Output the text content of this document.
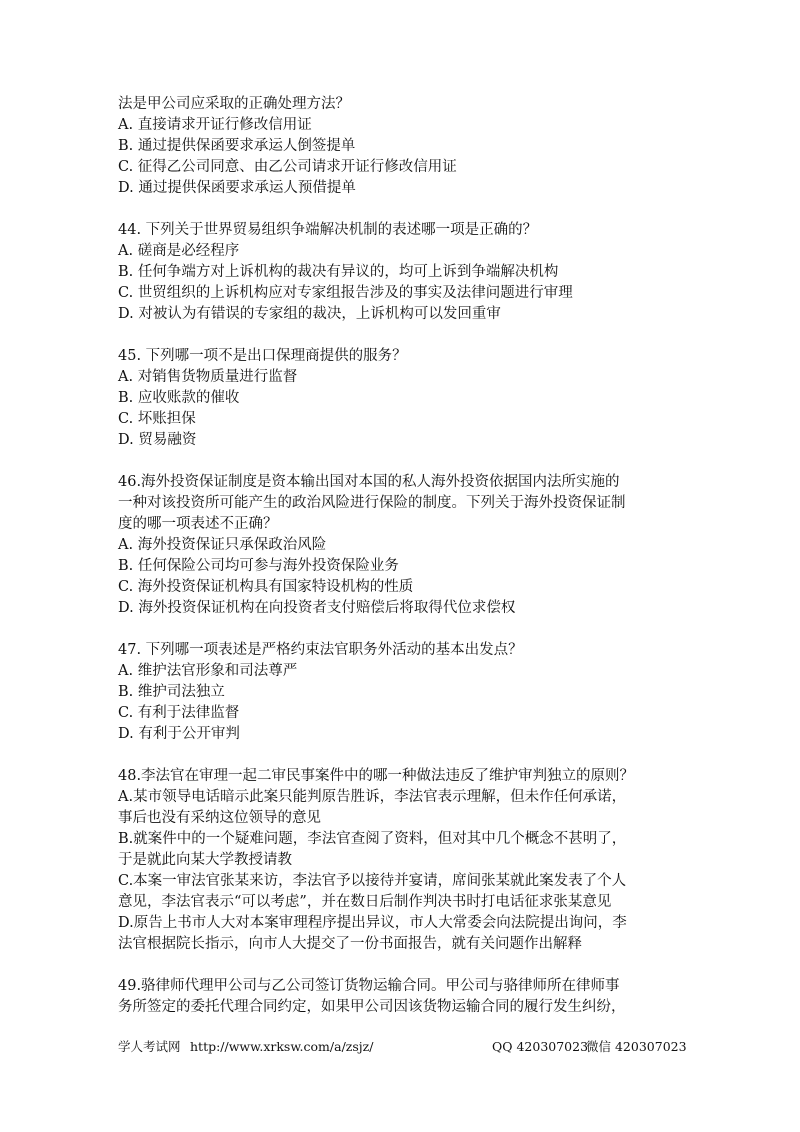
法是甲公司应采取的正确处理方法？

A. 直接请求开证行修改信用证

B. 通过提供保函要求承运人倒签提单

C. 征得乙公司同意、由乙公司请求开证行修改信用证

D. 通过提供保函要求承运人预借提单

44. 下列关于世界贸易组织争端解决机制的表述哪一项是正确的？

A. 磋商是必经程序

B. 任何争端方对上诉机构的裁决有异议的，均可上诉到争端解决机构

C. 世贸组织的上诉机构应对专家组报告涉及的事实及法律问题进行审理

D. 对被认为有错误的专家组的裁决，上诉机构可以发回重审

45. 下列哪一项不是出口保理商提供的服务？

A. 对销售货物质量进行监督

B. 应收账款的催收

C. 坏账担保

D. 贸易融资

46.海外投资保证制度是资本输出国对本国的私人海外投资依据国内法所实施的

一种对该投资所可能产生的政治风险进行保险的制度。下列关于海外投资保证制

度的哪一项表述不正确？

A. 海外投资保证只承保政治风险

B. 任何保险公司均可参与海外投资保险业务

C. 海外投资保证机构具有国家特设机构的性质

D. 海外投资保证机构在向投资者支付赔偿后将取得代位求偿权

47. 下列哪一项表述是严格约束法官职务外活动的基本出发点？

A. 维护法官形象和司法尊严

B. 维护司法独立

C. 有利于法律监督

D. 有利于公开审判

48.李法官在审理一起二审民事案件中的哪一种做法违反了维护审判独立的原则？

A.某市领导电话暗示此案只能判原告胜诉，李法官表示理解，但未作任何承诺，

事后也没有采纳这位领导的意见

B.就案件中的一个疑难问题，李法官查阅了资料，但对其中几个概念不甚明了，

于是就此向某大学教授请教

C.本案一审法官张某来访，李法官予以接待并宴请，席间张某就此案发表了个人

意见，李法官表示“可以考虑”，并在数日后制作判决书时打电话征求张某意见

D.原告上书市人大对本案审理程序提出异议，市人大常委会向法院提出询问，李

法官根据院长指示，向市人大提交了一份书面报告，就有关问题作出解释

49.骆律师代理甲公司与乙公司签订货物运输合同。甲公司与骆律师所在律师事

务所签定的委托代理合同约定，如果甲公司因该货物运输合同的履行发生纠纷，

学人考试网 http://www.xrksw.com/a/zsjz/	QQ 420307023
微信 420307023
